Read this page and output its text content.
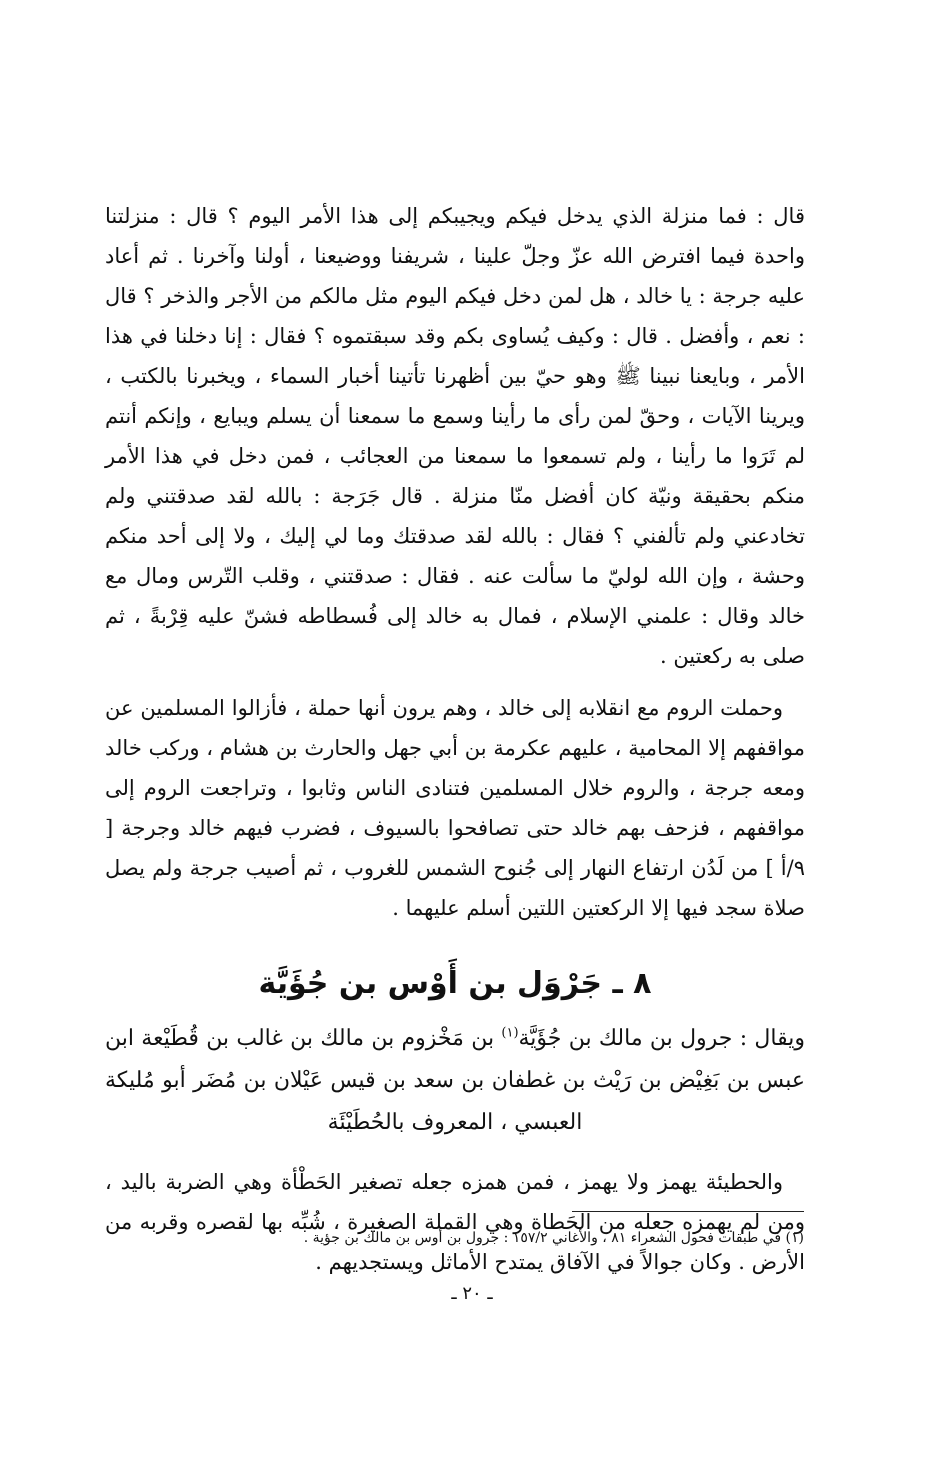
قال : فما منزلة الذي يدخل فيكم ويجيبكم إلى هذا الأمر اليوم ؟ قال : منزلتنا واحدة فيما افترض الله عزّ وجلّ علينا ، شريفنا ووضيعنا ، أولنا وآخرنا . ثم أعاد عليه جرجة : يا خالد ، هل لمن دخل فيكم اليوم مثل مالكم من الأجر والذخر ؟ قال : نعم ، وأفضل . قال : وكيف يُساوى بكم وقد سبقتموه ؟ فقال : إنا دخلنا في هذا الأمر ، وبايعنا نبينا ﷺ وهو حيّ بين أظهرنا تأتينا أخبار السماء ، ويخبرنا بالكتب ، ويرينا الآيات ، وحقّ لمن رأى ما رأينا وسمع ما سمعنا أن يسلم ويبايع ، وإنكم أنتم لم تَرَوا ما رأينا ، ولم تسمعوا ما سمعنا من العجائب ، فمن دخل في هذا الأمر منكم بحقيقة ونيّة كان أفضل منّا منزلة . قال جَرَجة : بالله لقد صدقتني ولم تخادعني ولم تألفني ؟ فقال : بالله لقد صدقتك وما لي إليك ، ولا إلى أحد منكم وحشة ، وإن الله لوليّ ما سألت عنه . فقال : صدقتني ، وقلب التّرس ومال مع خالد وقال : علمني الإسلام ، فمال به خالد إلى فُسطاطه فشنّ عليه قِرْبةً ، ثم صلى به ركعتين .

وحملت الروم مع انقلابه إلى خالد ، وهم يرون أنها حملة ، فأزالوا المسلمين عن مواقفهم إلا المحامية ، عليهم عكرمة بن أبي جهل والحارث بن هشام ، وركب خالد ومعه جرجة ، والروم خلال المسلمين فتنادى الناس وثابوا ، وتراجعت الروم إلى مواقفهم ، فزحف بهم خالد حتى تصافحوا بالسيوف ، فضرب فيهم خالد وجرجة [ ٩/أ ] من لَدُن ارتفاع النهار إلى جُنوح الشمس للغروب ، ثم أصيب جرجة ولم يصل صلاة سجد فيها إلا الركعتين اللتين أسلم عليهما .

٨ ـ جَرْوَل بن أَوْس بن جُؤَيَّة

ويقال : جرول بن مالك بن جُؤَيَّة$^{(١)}$ بن مَخْزوم بن مالك بن غالب بن قُطَيْعة ابن عبس بن بَغِيْض بن رَيْث بن غطفان بن سعد بن قيس عَيْلان بن مُضَر أبو مُليكة العبسي ، المعروف بالحُطَيْئَة

والحطيئة يهمز ولا يهمز ، فمن همزه جعله تصغير الحَطْأة وهي الضربة باليد ، ومن لم يهمزه جعله من الحَطاة وهي القملة الصغيرة ، شُبِّه بها لقصره وقربه من الأرض . وكان جوالاً في الآفاق يمتدح الأماثل ويستجديهم .

(١) في طبقات فحول الشعراء ٨١ ، والأغاني ١٥٧/٢ : جرول بن أوس بن مالك بن جؤية .

ـ ٢٠ ـ
